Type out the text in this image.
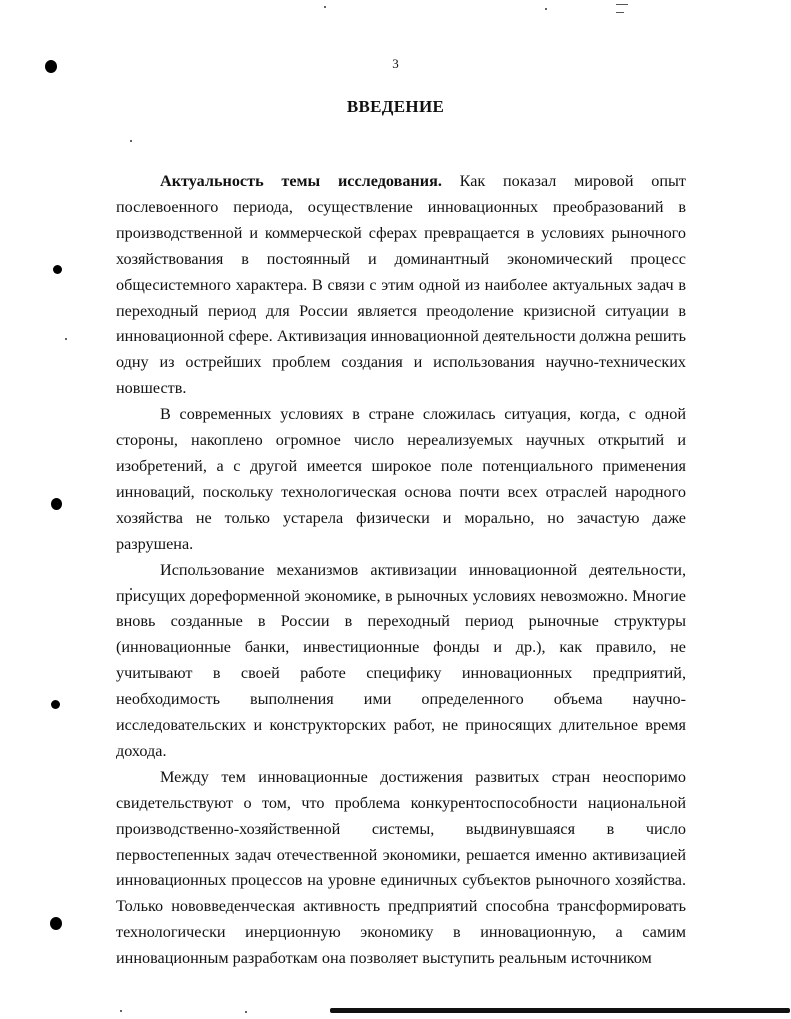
3
ВВЕДЕНИЕ

Актуальность темы исследования. Как показал мировой опыт послевоенного периода, осуществление инновационных преобразований в производственной и коммерческой сферах превращается в условиях рыночного хозяйствования в постоянный и доминантный экономический процесс общесистемного характера. В связи с этим одной из наиболее актуальных задач в переходный период для России является преодоление кризисной ситуации в инновационной сфере. Активизация инновационной деятельности должна решить одну из острейших проблем создания и использования научно-технических новшеств.

В современных условиях в стране сложилась ситуация, когда, с одной стороны, накоплено огромное число нереализуемых научных открытий и изобретений, а с другой имеется широкое поле потенциального применения инноваций, поскольку технологическая основа почти всех отраслей народного хозяйства не только устарела физически и морально, но зачастую даже разрушена.

Использование механизмов активизации инновационной деятельности, присущих дореформенной экономике, в рыночных условиях невозможно. Многие вновь созданные в России в переходный период рыночные структуры (инновационные банки, инвестиционные фонды и др.), как правило, не учитывают в своей работе специфику инновационных предприятий, необходимость выполнения ими определенного объема научно-исследовательских и конструкторских работ, не приносящих длительное время дохода.

Между тем инновационные достижения развитых стран неоспоримо свидетельствуют о том, что проблема конкурентоспособности национальной производственно-хозяйственной системы, выдвинувшаяся в число первостепенных задач отечественной экономики, решается именно активизацией инновационных процессов на уровне единичных субъектов рыночного хозяйства. Только нововведенческая активность предприятий способна трансформировать технологически инерционную экономику в инновационную, а самим инновационным разработкам она позволяет выступить реальным источником
